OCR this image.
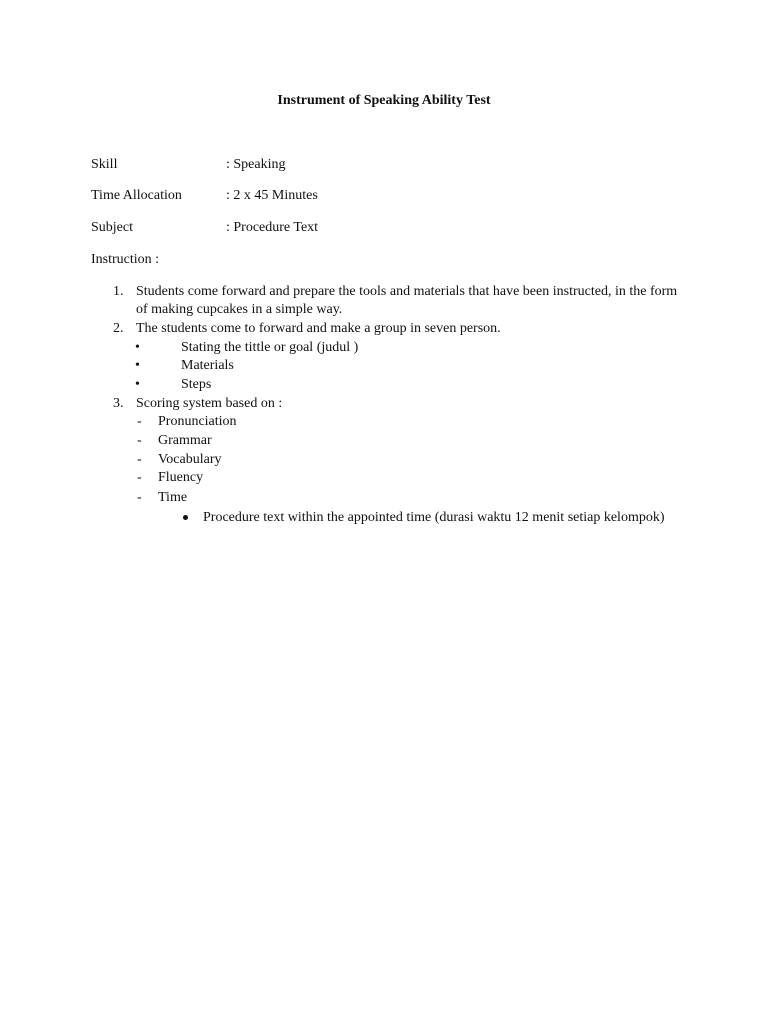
Instrument of Speaking Ability Test
Skill	: Speaking
Time Allocation	: 2 x 45 Minutes
Subject	: Procedure Text
Instruction :
1. Students come forward and prepare the tools and materials that have been instructed, in the form
of making cupcakes in a simple way.
2. The students come to forward and make a group in seven person.
•	Stating the tittle or goal (judul )
•	Materials
•	Steps
3. Scoring system based on :
- Pronunciation
- Grammar
- Vocabulary
- Fluency
- Time
Procedure text within the appointed time (durasi waktu 12 menit setiap kelompok)
